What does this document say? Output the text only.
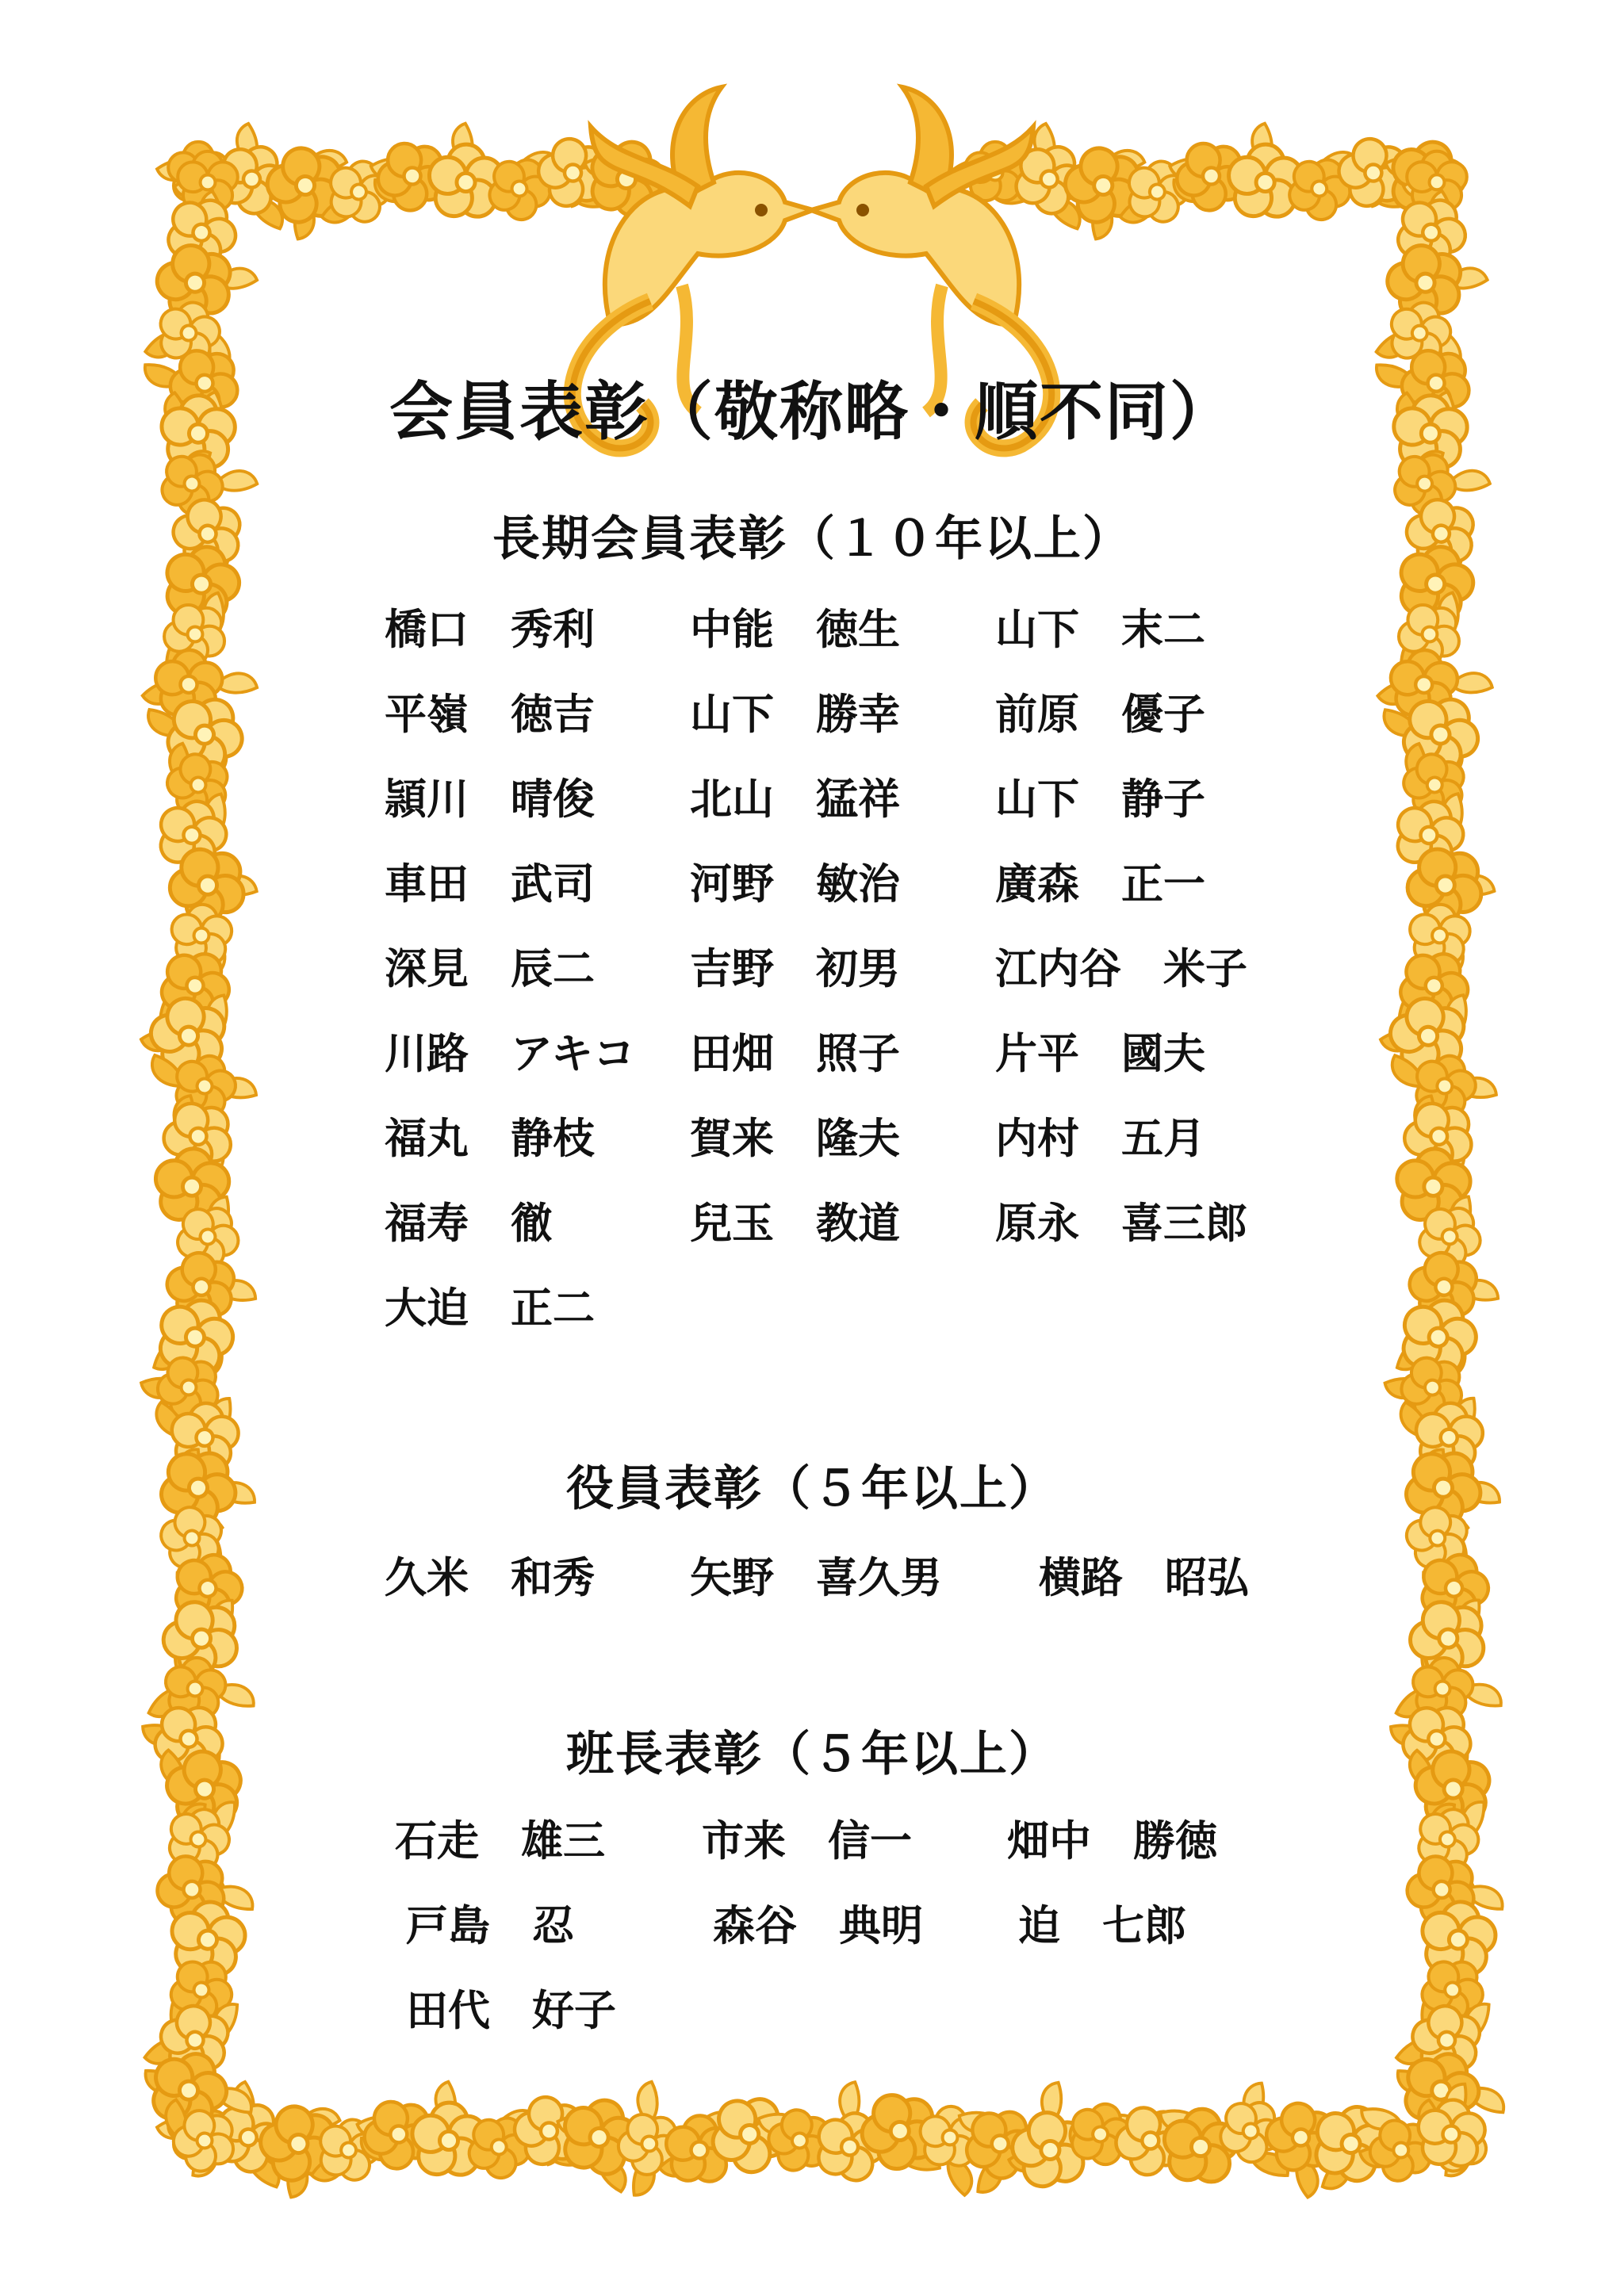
会員表彰（敬称略・順不同）
長期会員表彰（１０年以上）
橋口　秀利 中能　徳生 山下　末二
平嶺　徳吉 山下　勝幸 前原　優子
頴川　晴俊 北山　猛祥 山下　静子
車田　武司 河野　敏治 廣森　正一
深見　辰二 吉野　初男 江内谷　米子
川路　アキコ 田畑　照子 片平　國夫
福丸　静枝 賀来　隆夫 内村　五月
福寿　徹	兒玉　教道 原永　喜三郎
大迫　正二
役員表彰（５年以上）
久米　和秀 矢野　喜久男 横路　昭弘
班長表彰（５年以上）
石走　雄三 市来　信一 畑中　勝徳
戸島　忍	森谷　典明 迫　七郎
田代　好子
